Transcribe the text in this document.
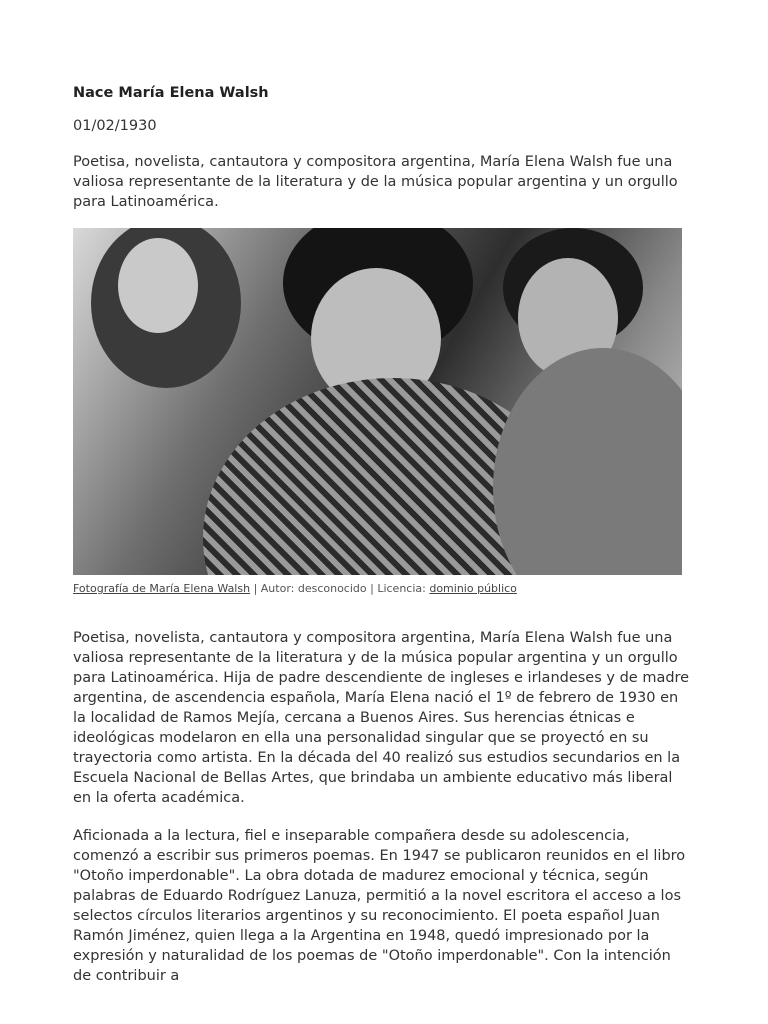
Nace María Elena Walsh
01/02/1930

Poetisa, novelista, cantautora y compositora argentina, María Elena Walsh fue una valiosa representante de la literatura y de la música popular argentina y un orgullo para Latinoamérica.

Fotografía de María Elena Walsh | Autor: desconocido | Licencia: dominio público

Poetisa, novelista, cantautora y compositora argentina, María Elena Walsh fue una valiosa representante de la literatura y de la música popular argentina y un orgullo para Latinoamérica. Hija de padre descendiente de ingleses e irlandeses y de madre argentina, de ascendencia española, María Elena nació el 1º de febrero de 1930 en la localidad de Ramos Mejía, cercana a Buenos Aires. Sus herencias étnicas e ideológicas modelaron en ella una personalidad singular que se proyectó en su trayectoria como artista. En la década del 40 realizó sus estudios secundarios en la Escuela Nacional de Bellas Artes, que brindaba un ambiente educativo más liberal en la oferta académica.

Aficionada a la lectura, fiel e inseparable compañera desde su adolescencia, comenzó a escribir sus primeros poemas. En 1947 se publicaron reunidos en el libro "Otoño imperdonable". La obra dotada de madurez emocional y técnica, según palabras de Eduardo Rodríguez Lanuza, permitió a la novel escritora el acceso a los selectos círculos literarios argentinos y su reconocimiento. El poeta español Juan Ramón Jiménez, quien llega a la Argentina en 1948, quedó impresionado por la expresión y naturalidad de los poemas de "Otoño imperdonable". Con la intención de contribuir a
